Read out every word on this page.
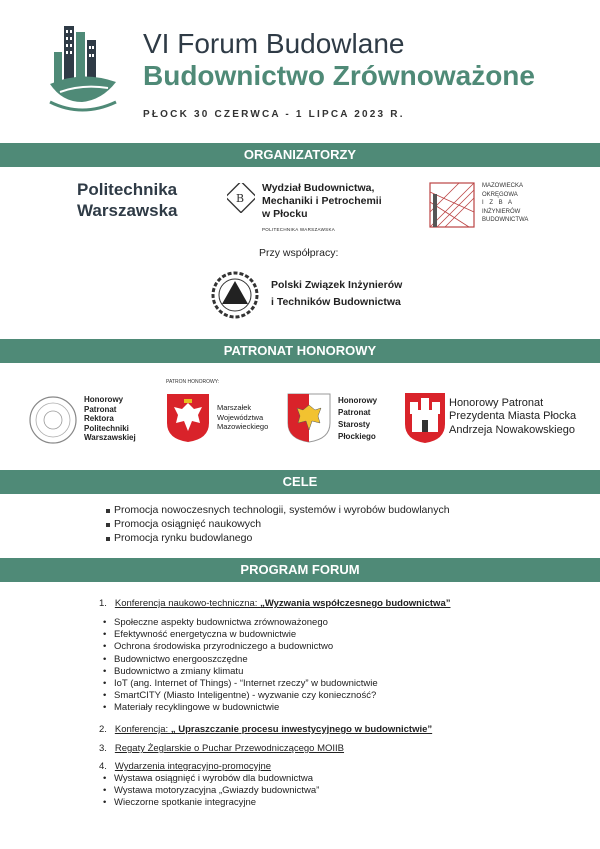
VI Forum Budowlane
Budownictwo Zrównoważone
PŁOCK 30 CZERWCA - 1 LIPCA 2023 R.
ORGANIZATORZY
Politechnika
Warszawska
B
Wydział Budownictwa,
Mechaniki i Petrochemii
w Płocku
POLITECHNIKA WARSZAWSKA
MAZOWIECKA
OKRĘGOWA
I Z B A
INŻYNIERÓW
BUDOWNICTWA
Przy współpracy:
Polski Związek Inżynierów
i Techników Budownictwa
PATRONAT HONOROWY
Honorowy
Patronat
Rektora
Politechniki
Warszawskiej
PATRON HONOROWY:
Marszałek
Województwa
Mazowieckiego
Honorowy
Patronat
Starosty
Płockiego
Honorowy Patronat
Prezydenta Miasta Płocka
Andrzeja Nowakowskiego
CELE
Promocja nowoczesnych technologii, systemów i wyrobów budowlanych
Promocja osiągnięć naukowych
Promocja rynku budowlanego
PROGRAM FORUM
1. Konferencja naukowo-techniczna: „Wyzwania współczesnego budownictwa”
• Społeczne aspekty budownictwa zrównoważonego
• Efektywność energetyczna w budownictwie
• Ochrona środowiska przyrodniczego a budownictwo
• Budownictwo energooszczędne
• Budownictwo a zmiany klimatu
• IoT (ang. Internet of Things) - “Internet rzeczy” w budownictwie
• SmartCITY (Miasto Inteligentne) - wyzwanie czy konieczność?
• Materiały recyklingowe w budownictwie
2. Konferencja: „ Upraszczanie procesu inwestycyjnego w budownictwie”
3. Regaty Żeglarskie o Puchar Przewodniczącego MOIIB
4. Wydarzenia integracyjno-promocyjne
• Wystawa osiągnięć i wyrobów dla budownictwa
• Wystawa motoryzacyjna „Gwiazdy budownictwa”
• Wieczorne spotkanie integracyjne
